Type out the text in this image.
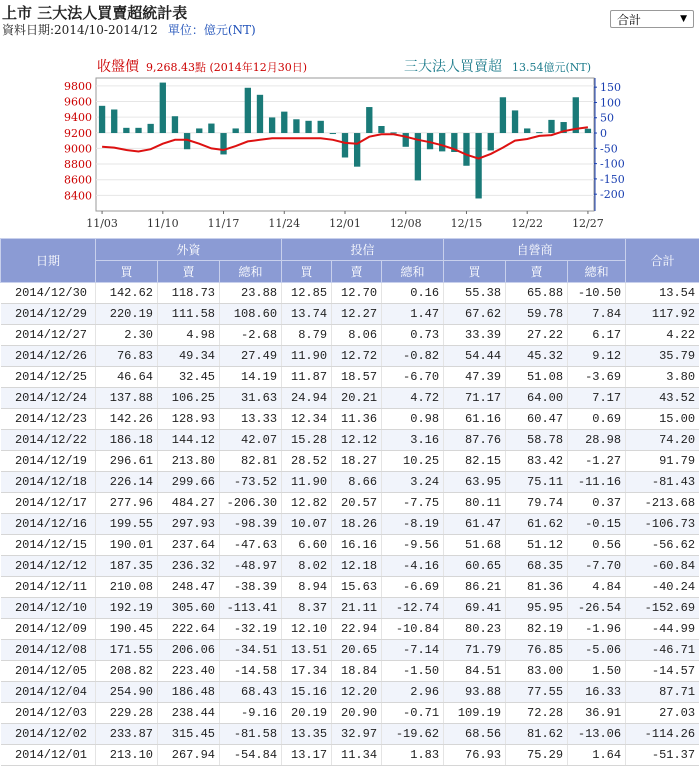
上市 三大法人買賣超統計表
資料日期:2014/10-2014/12 單位：億元(NT)
合計	▼
收盤價 9,268.43點 (2014年12月30日)	三大法人買賣超 13.54億元(NT)
9800
9600
9400
9200
9000
8800
8600
8400
150
100
50
0
-50
-100
-150
-200
11/03	11/10	11/17	11/24	12/01	12/08	12/15	12/22	12/27
日期	外資			投信			自營商			合計
	買	賣	總和	買	賣	總和	買	賣	總和	
2014/12/30	142.62	118.73	23.88	12.85	12.70	0.16	55.38	65.88	-10.50	13.54
2014/12/29	220.19	111.58	108.60	13.74	12.27	1.47	67.62	59.78	7.84	117.92
2014/12/27	2.30	4.98	-2.68	8.79	8.06	0.73	33.39	27.22	6.17	4.22
2014/12/26	76.83	49.34	27.49	11.90	12.72	-0.82	54.44	45.32	9.12	35.79
2014/12/25	46.64	32.45	14.19	11.87	18.57	-6.70	47.39	51.08	-3.69	3.80
2014/12/24	137.88	106.25	31.63	24.94	20.21	4.72	71.17	64.00	7.17	43.52
2014/12/23	142.26	128.93	13.33	12.34	11.36	0.98	61.16	60.47	0.69	15.00
2014/12/22	186.18	144.12	42.07	15.28	12.12	3.16	87.76	58.78	28.98	74.20
2014/12/19	296.61	213.80	82.81	28.52	18.27	10.25	82.15	83.42	-1.27	91.79
2014/12/18	226.14	299.66	-73.52	11.90	8.66	3.24	63.95	75.11	-11.16	-81.43
2014/12/17	277.96	484.27	-206.30	12.82	20.57	-7.75	80.11	79.74	0.37	-213.68
2014/12/16	199.55	297.93	-98.39	10.07	18.26	-8.19	61.47	61.62	-0.15	-106.73
2014/12/15	190.01	237.64	-47.63	6.60	16.16	-9.56	51.68	51.12	0.56	-56.62
2014/12/12	187.35	236.32	-48.97	8.02	12.18	-4.16	60.65	68.35	-7.70	-60.84
2014/12/11	210.08	248.47	-38.39	8.94	15.63	-6.69	86.21	81.36	4.84	-40.24
2014/12/10	192.19	305.60	-113.41	8.37	21.11	-12.74	69.41	95.95	-26.54	-152.69
2014/12/09	190.45	222.64	-32.19	12.10	22.94	-10.84	80.23	82.19	-1.96	-44.99
2014/12/08	171.55	206.06	-34.51	13.51	20.65	-7.14	71.79	76.85	-5.06	-46.71
2014/12/05	208.82	223.40	-14.58	17.34	18.84	-1.50	84.51	83.00	1.50	-14.57
2014/12/04	254.90	186.48	68.43	15.16	12.20	2.96	93.88	77.55	16.33	87.71
2014/12/03	229.28	238.44	-9.16	20.19	20.90	-0.71	109.19	72.28	36.91	27.03
2014/12/02	233.87	315.45	-81.58	13.35	32.97	-19.62	68.56	81.62	-13.06	-114.26
2014/12/01	213.10	267.94	-54.84	13.17	11.34	1.83	76.93	75.29	1.64	-51.37
